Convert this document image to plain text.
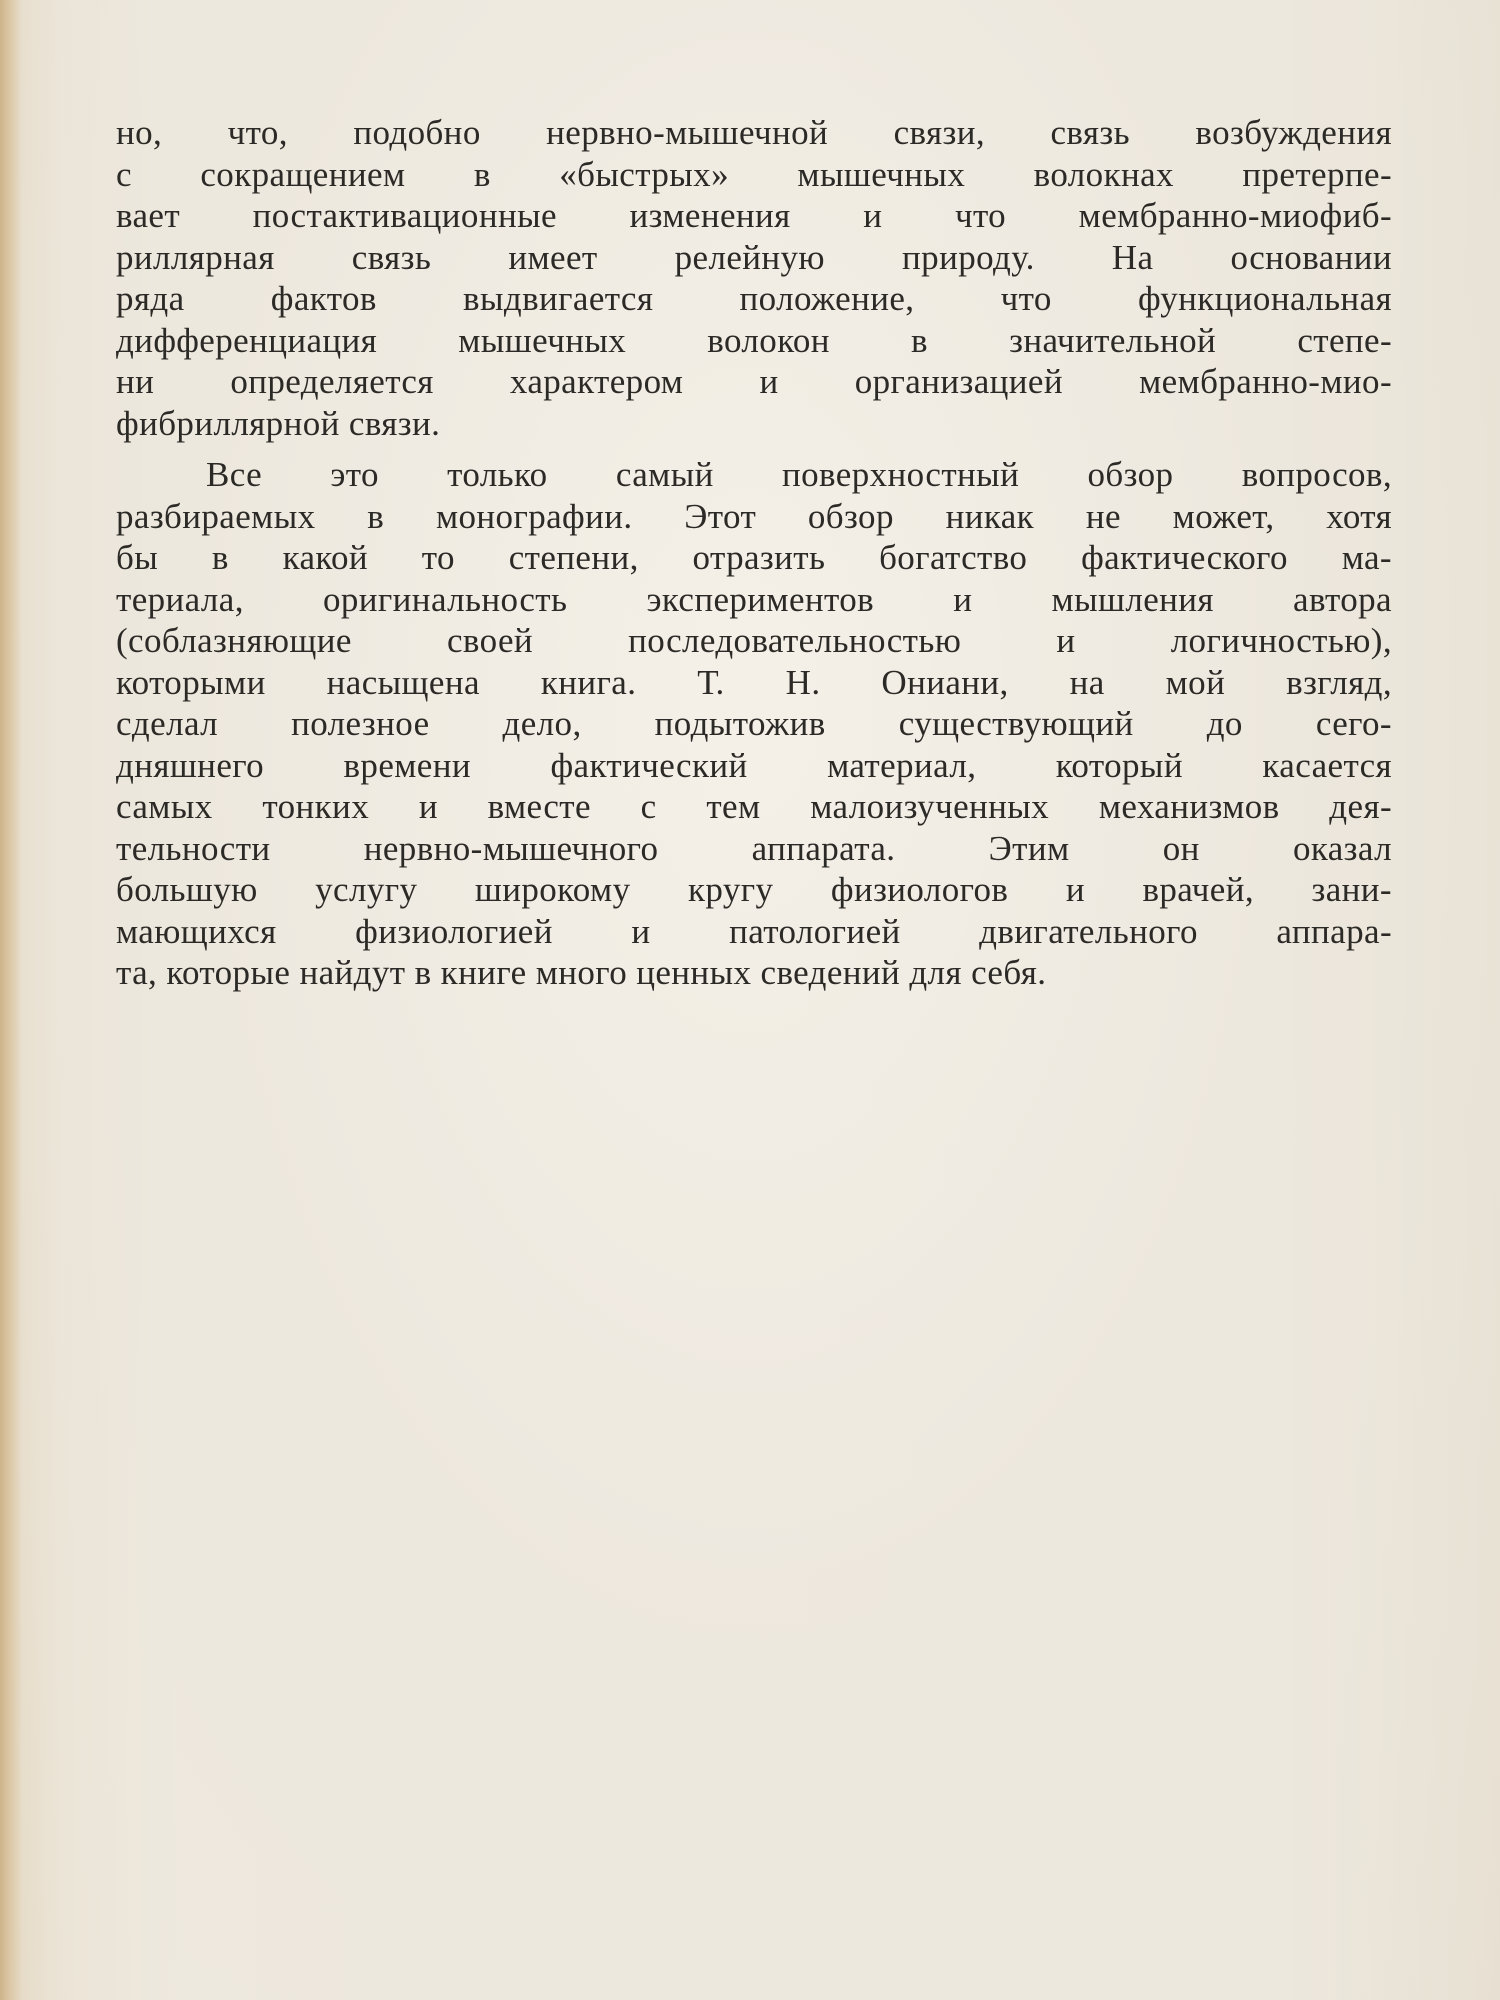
но, что, подобно нервно-мышечной связи, связь возбуждения
с сокращением в «быстрых» мышечных волокнах претерпе-
вает постактивационные изменения и что мембранно-миофиб-
риллярная связь имеет релейную природу. На основании
ряда фактов выдвигается положение, что функциональная
дифференциация мышечных волокон в значительной степе-
ни определяется характером и организацией мембранно-мио-
фибриллярной связи.
Все это только самый поверхностный обзор вопросов,
разбираемых в монографии. Этот обзор никак не может, хотя
бы в какой то степени, отразить богатство фактического ма-
териала, оригинальность экспериментов и мышления автора
(соблазняющие своей последовательностью и логичностью),
которыми насыщена книга. Т. Н. Ониани, на мой взгляд,
сделал полезное дело, подытожив существующий до сего-
дняшнего времени фактический материал, который касается
самых тонких и вместе с тем малоизученных механизмов дея-
тельности нервно-мышечного аппарата. Этим он оказал
большую услугу широкому кругу физиологов и врачей, зани-
мающихся физиологией и патологией двигательного аппара-
та, которые найдут в книге много ценных сведений для себя.
